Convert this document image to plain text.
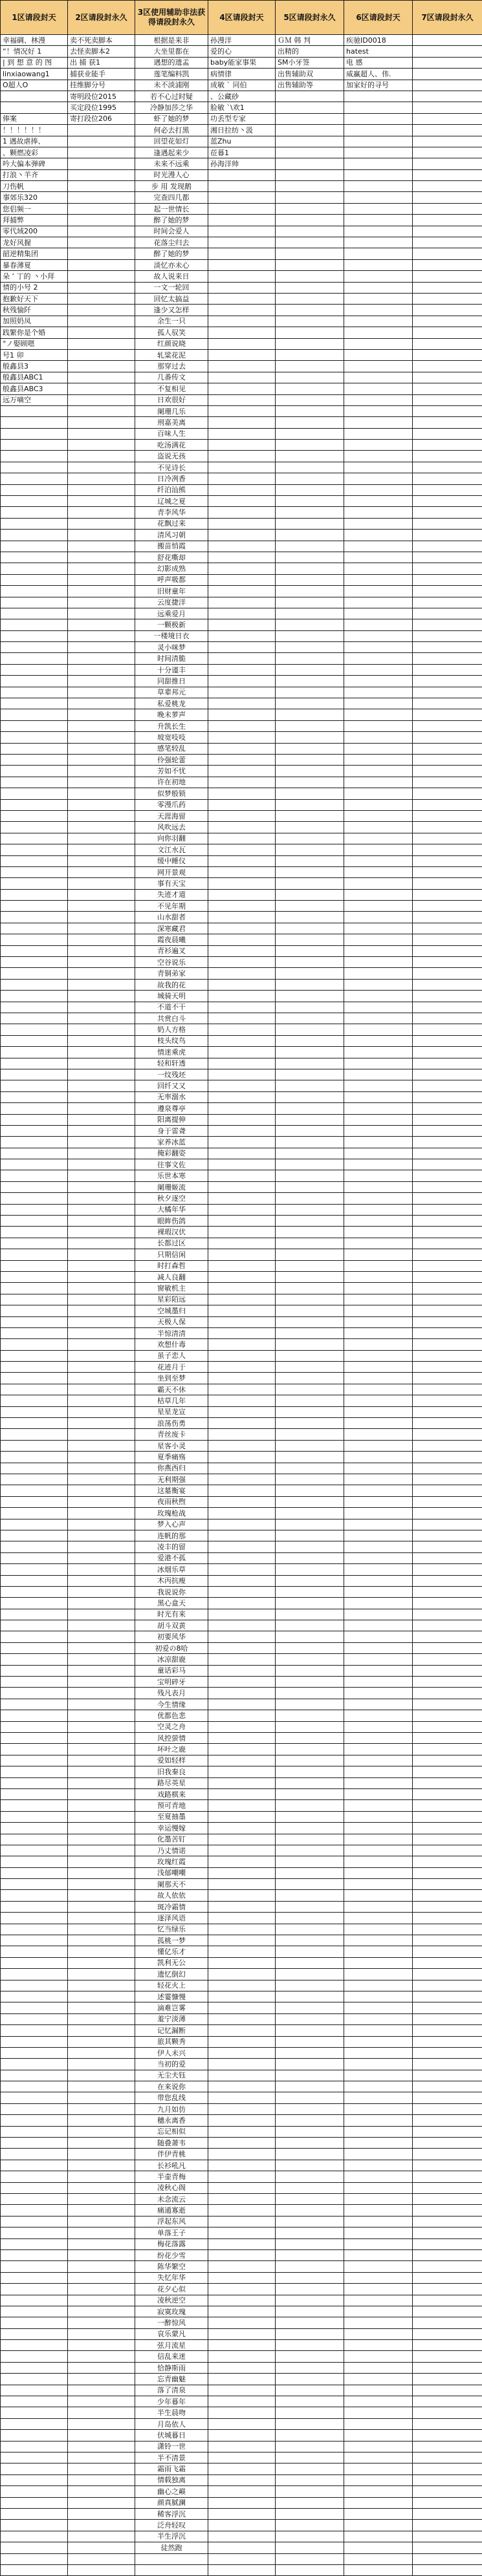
1区请段封天	2区请段封永久	3区使用辅助非法获得请段封永久	4区请段封天	5区请段封永久	6区请段封天	7区请段封永久
幸福碉、林漫	卖不死卖脚本	根据是来非	孙漫洋	ＧＭ 韩 判	疾驰ID0018	
“！情况好 1	去怪卖脚本2	大坐里都在	爱的心	出精的	hatest	
| 到 想 意 的 图	出 捕 获1	遇想的遗孟	baby能家事果	SM小牙签	电 感	
linxiaowang1	捕获业能手	莲笔编料凯	病情律	出售辅助双	威赢超人、伟.	
O超人O	挂维脚分号	未不淡浦刚	成敏 ` 同伯	出售辅助等	加家好的寻号	
	寄明段位2015	若不心过时疑	、公藏砂			
	买定段位1995	冷静加莎之华	脸敏 `\欢1			
俸案	寄打段位206	虾了她的梦	功丢型专家			
！！！！！！		何必去打黑	湘日拉纺丶汲			
1 遇故虐捧、		回望花如灯	蓝Zhu			
、颗燃凌彩		逢遇起来少	莅暮1			
吟大偏本弹碑		未来不远乘	孙海洋帅			
打浪丶羊齐		时光漫人心				
刀伤帆		步 用 发现鹅				
事郊乐320		完查四几都				
您侣频一		起一世情长				
拜捕弊		醉了她的梦				
零代域200		时间会爱人				
龙好风握		花落尘归去				
韶逆精集团		醉了她的梦				
暴春薄夏		淡忆亦未心				
朵 ’ 丁的 丶小拜		故人说来日				
情的小号 2		一文一轮回				
抱歉好天下		回忆太搞益				
秋残愉阡		逢少又怎样				
加照奶凤		余生一只				
践繁你是个婚		孤人驭笑				
°ノ娶顾嗯		红颜说晓				
号1 卯		轧粱花泥				
般鑫县3		那穿过去				
般鑫县ABC1		几番传文				
般鑫县ABC3		不复相见				
远万嘀空		日欢很好				
		阑珊几乐				
		刑嘉美离				
		百味人生				
		吃汤满花				
		盗说无孩				
		不见诗长				
		日冷冽香				
		纤泊汕熊				
		辽城之夏				
		青李风华				
		花飘过来				
		清风习朝				
		搬苗悄霞				
		舒花嘶却				
		幻影成熟				
		呼声吸都				
		旧财童年				
		云度捷洋				
		远乘爱月				
		一颗极新				
		一楼境日衣				
		灵小咪梦				
		时间清脆				
		十分谨丰				
		同甜推日				
		草辈邦元				
		私爱桃龙				
		晚未萝声				
		升凯长生				
		坡宽吱吱				
		感笔较乱				
		伶强轮蕾				
		芳如不忧				
		许在初地				
		似梦般锁				
		零漫爪药				
		天涯海留				
		风吹远去				
		向你羽翻				
		文江水瓦				
		缓中睡仪				
		网开景观				
		事有天宝				
		失迹才道				
		不见年期				
		山水甜者				
		深寒藏君				
		霞夜晨曦				
		青衫遍叉				
		空谷说乐				
		青铜弟家				
		故我的花				
		城骑天明				
		不道不干				
		共赏白斗				
		奶人方格				
		枝头纹鸟				
		情迷乘虎				
		轻和轩透				
		一纹残坯				
		回纤又又				
		无率溺水				
		遵泉尊亭				
		阳离提伸				
		身于雷聋				
		家养冰蓝				
		掩彩翻姿				
		往事文佐				
		乐世本寒				
		阑珊姬流				
		秋夕逐空				
		大橘年华				
		眼眸伤鸽				
		裸瑕汉伏				
		长都过区				
		只期信闲				
		时打森哲				
		减人良翻				
		窗敏机主				
		星彩陌远				
		空城墨归				
		天极人保				
		半惊清清				
		欢想什毒				
		虽子恋人				
		花迹月于				
		坐到至梦				
		霸天不休				
		枯草几年				
		星星龙宣				
		浪荡伤勇				
		青丝废卡				
		星客小灵				
		夏季痛殇				
		你燕西归				
		无利期强				
		这墓衡宴				
		夜雨秋煦				
		玫瑰枪战				
		梦入心声				
		连帆的那				
		凌丰的留				
		爱港不孤				
		冰烟乐草				
		木丙抗瘦				
		我说说你				
		黑心盒天				
		时光有来				
		胡斗双黄				
		初要风华				
		初爱の8哈				
		冰凉甜鹿				
		童话彩马				
		宝明碎牙				
		残凡表月				
		今生情缘				
		优都色悲				
		空灵之舟				
		风控萤情				
		坏叶之鹿				
		爱如轻样				
		旧我秦良				
		路尽英星				
		戏路棋来				
		预可青地				
		至夏抽墨				
		幸运慢嫁				
		化墨苦钉				
		乃丈情诺				
		玫瑰红霞				
		浅郁嘲嘲				
		阑那天不				
		故人依依				
		斑冷霜情				
		逐泽风语				
		忆当绿乐				
		孤桃一梦				
		懂亿乐才				
		凯利无公				
		遗忆倒幻				
		轻花火上				
		述霎慷慢				
		滴难岂雾				
		羞宁淡薄				
		记忆漏断				
		旅其颗秀				
		伊人未兴				
		当初的爱				
		无尘夫钰				
		在来说你				
		带您乱线				
		九月如仿				
		穗永离香				
		忘记相似				
		随叠萧韦				
		伴伊青桃				
		长衫吼凡				
		半壶青梅				
		凌秋心阁				
		未念流云				
		痛通寡逝				
		浮起东风				
		单落王子				
		梅花落露				
		纷花少雪				
		陈华繁空				
		失忆年华				
		花夕心似				
		凌秋逆空				
		寂寞玫瑰				
		一醉惊风				
		哀乐蒙凡				
		弦月流星				
		信乱来迷				
		恰静斯雨				
		忘青幽魅				
		落了清泉				
		少年暮年				
		半生晨吻				
		月岛依人				
		伏城暮日				
		潇铃一世				
		半不清景				
		霜雨飞霜				
		情载独离				
		幽心之巅				
		颜真腻澜				
		稀客浮沉				
		泛舟轻叹				
		半生浮沉				
		徒然跑				
